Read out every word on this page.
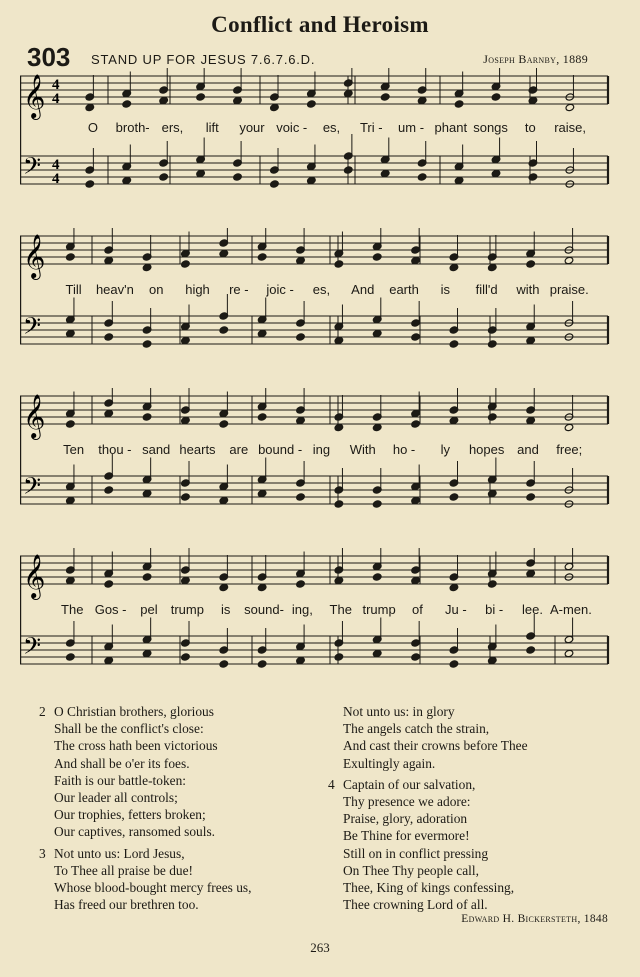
Conflict and Heroism
303 STAND UP FOR JESUS 7.6.7.6.D.	Joseph Barnby, 1889
𝄞 4
4
𝄢 4
4
O broth- ers, lift your voic - es, Tri - um - phant songs to raise,
𝄞
𝄢
Till heav'n on high re - joic - es, And earth is fill'd with praise.
𝄞
𝄢
Ten thou - sand hearts are bound - ing With ho - ly hopes and free;
𝄞
𝄢
The Gos - pel trump is sound- ing, The trump of Ju - bi - lee. A-men.
2 O Christian brothers, glorious
Shall be the conflict's close:
The cross hath been victorious
And shall be o'er its foes.
Faith is our battle-token:
Our leader all controls;
Our trophies, fetters broken;
Our captives, ransomed souls.
3 Not unto us: Lord Jesus,
To Thee all praise be due!
Whose blood-bought mercy frees us,
Has freed our brethren too.
Not unto us: in glory
The angels catch the strain,
And cast their crowns before Thee
Exultingly again.
4 Captain of our salvation,
Thy presence we adore:
Praise, glory, adoration
Be Thine for evermore!
Still on in conflict pressing
On Thee Thy people call,
Thee, King of kings confessing,
Thee crowning Lord of all.
Edward H. Bickersteth, 1848
263
